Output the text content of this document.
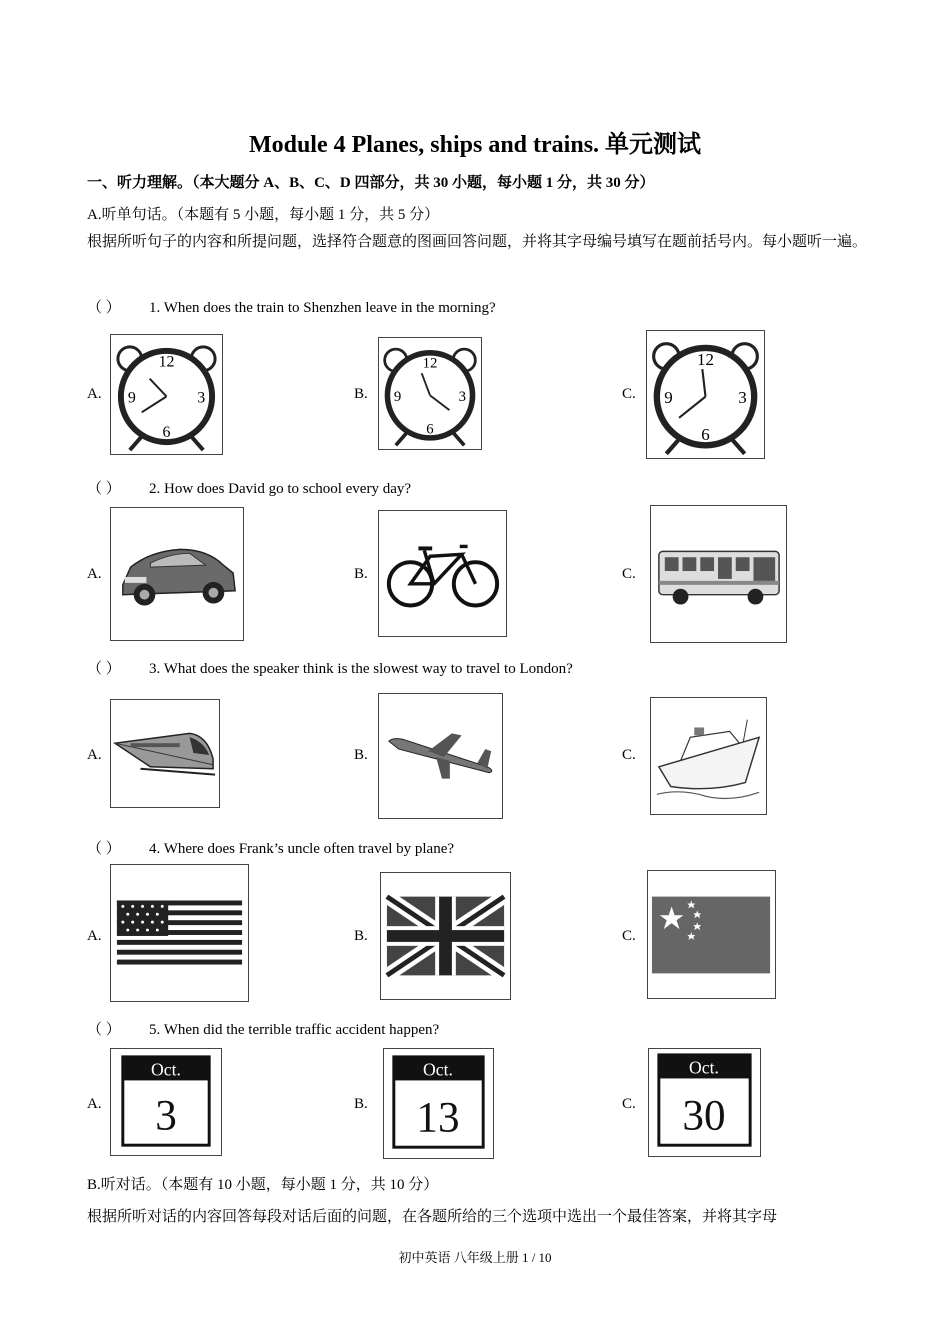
Module 4 Planes, ships and trains. 单元测试
一、听力理解。（本大题分 A、B、C、D 四部分，共 30 小题，每小题 1 分，共 30 分）
A.听单句话。（本题有 5 小题，每小题 1 分，共 5 分）
根据所听句子的内容和所提问题，选择符合题意的图画回答问题，并将其字母编号填写在题前括号内。每小题听一遍。
（ ） 1. When does the train to Shenzhen leave in the morning?
A.	B.	C.
12
3
6
9
12
3
6
9
12
3
6
9
（ ） 2. How does David go to school every day?
A.	B.	C.
（ ） 3. What does the speaker think is the slowest way to travel to London?
A.	B.	C.
（ ） 4. Where does Frank’s uncle often travel by plane?
A.	B.	C.
（ ） 5. When did the terrible traffic accident happen?
A.	B.	C.
Oct.
3
Oct.
13
Oct.
30
B.听对话。（本题有 10 小题，每小题 1 分，共 10 分）
根据所听对话的内容回答每段对话后面的问题，在各题所给的三个选项中选出一个最佳答案，并将其字母
初中英语 八年级上册 1 / 10
